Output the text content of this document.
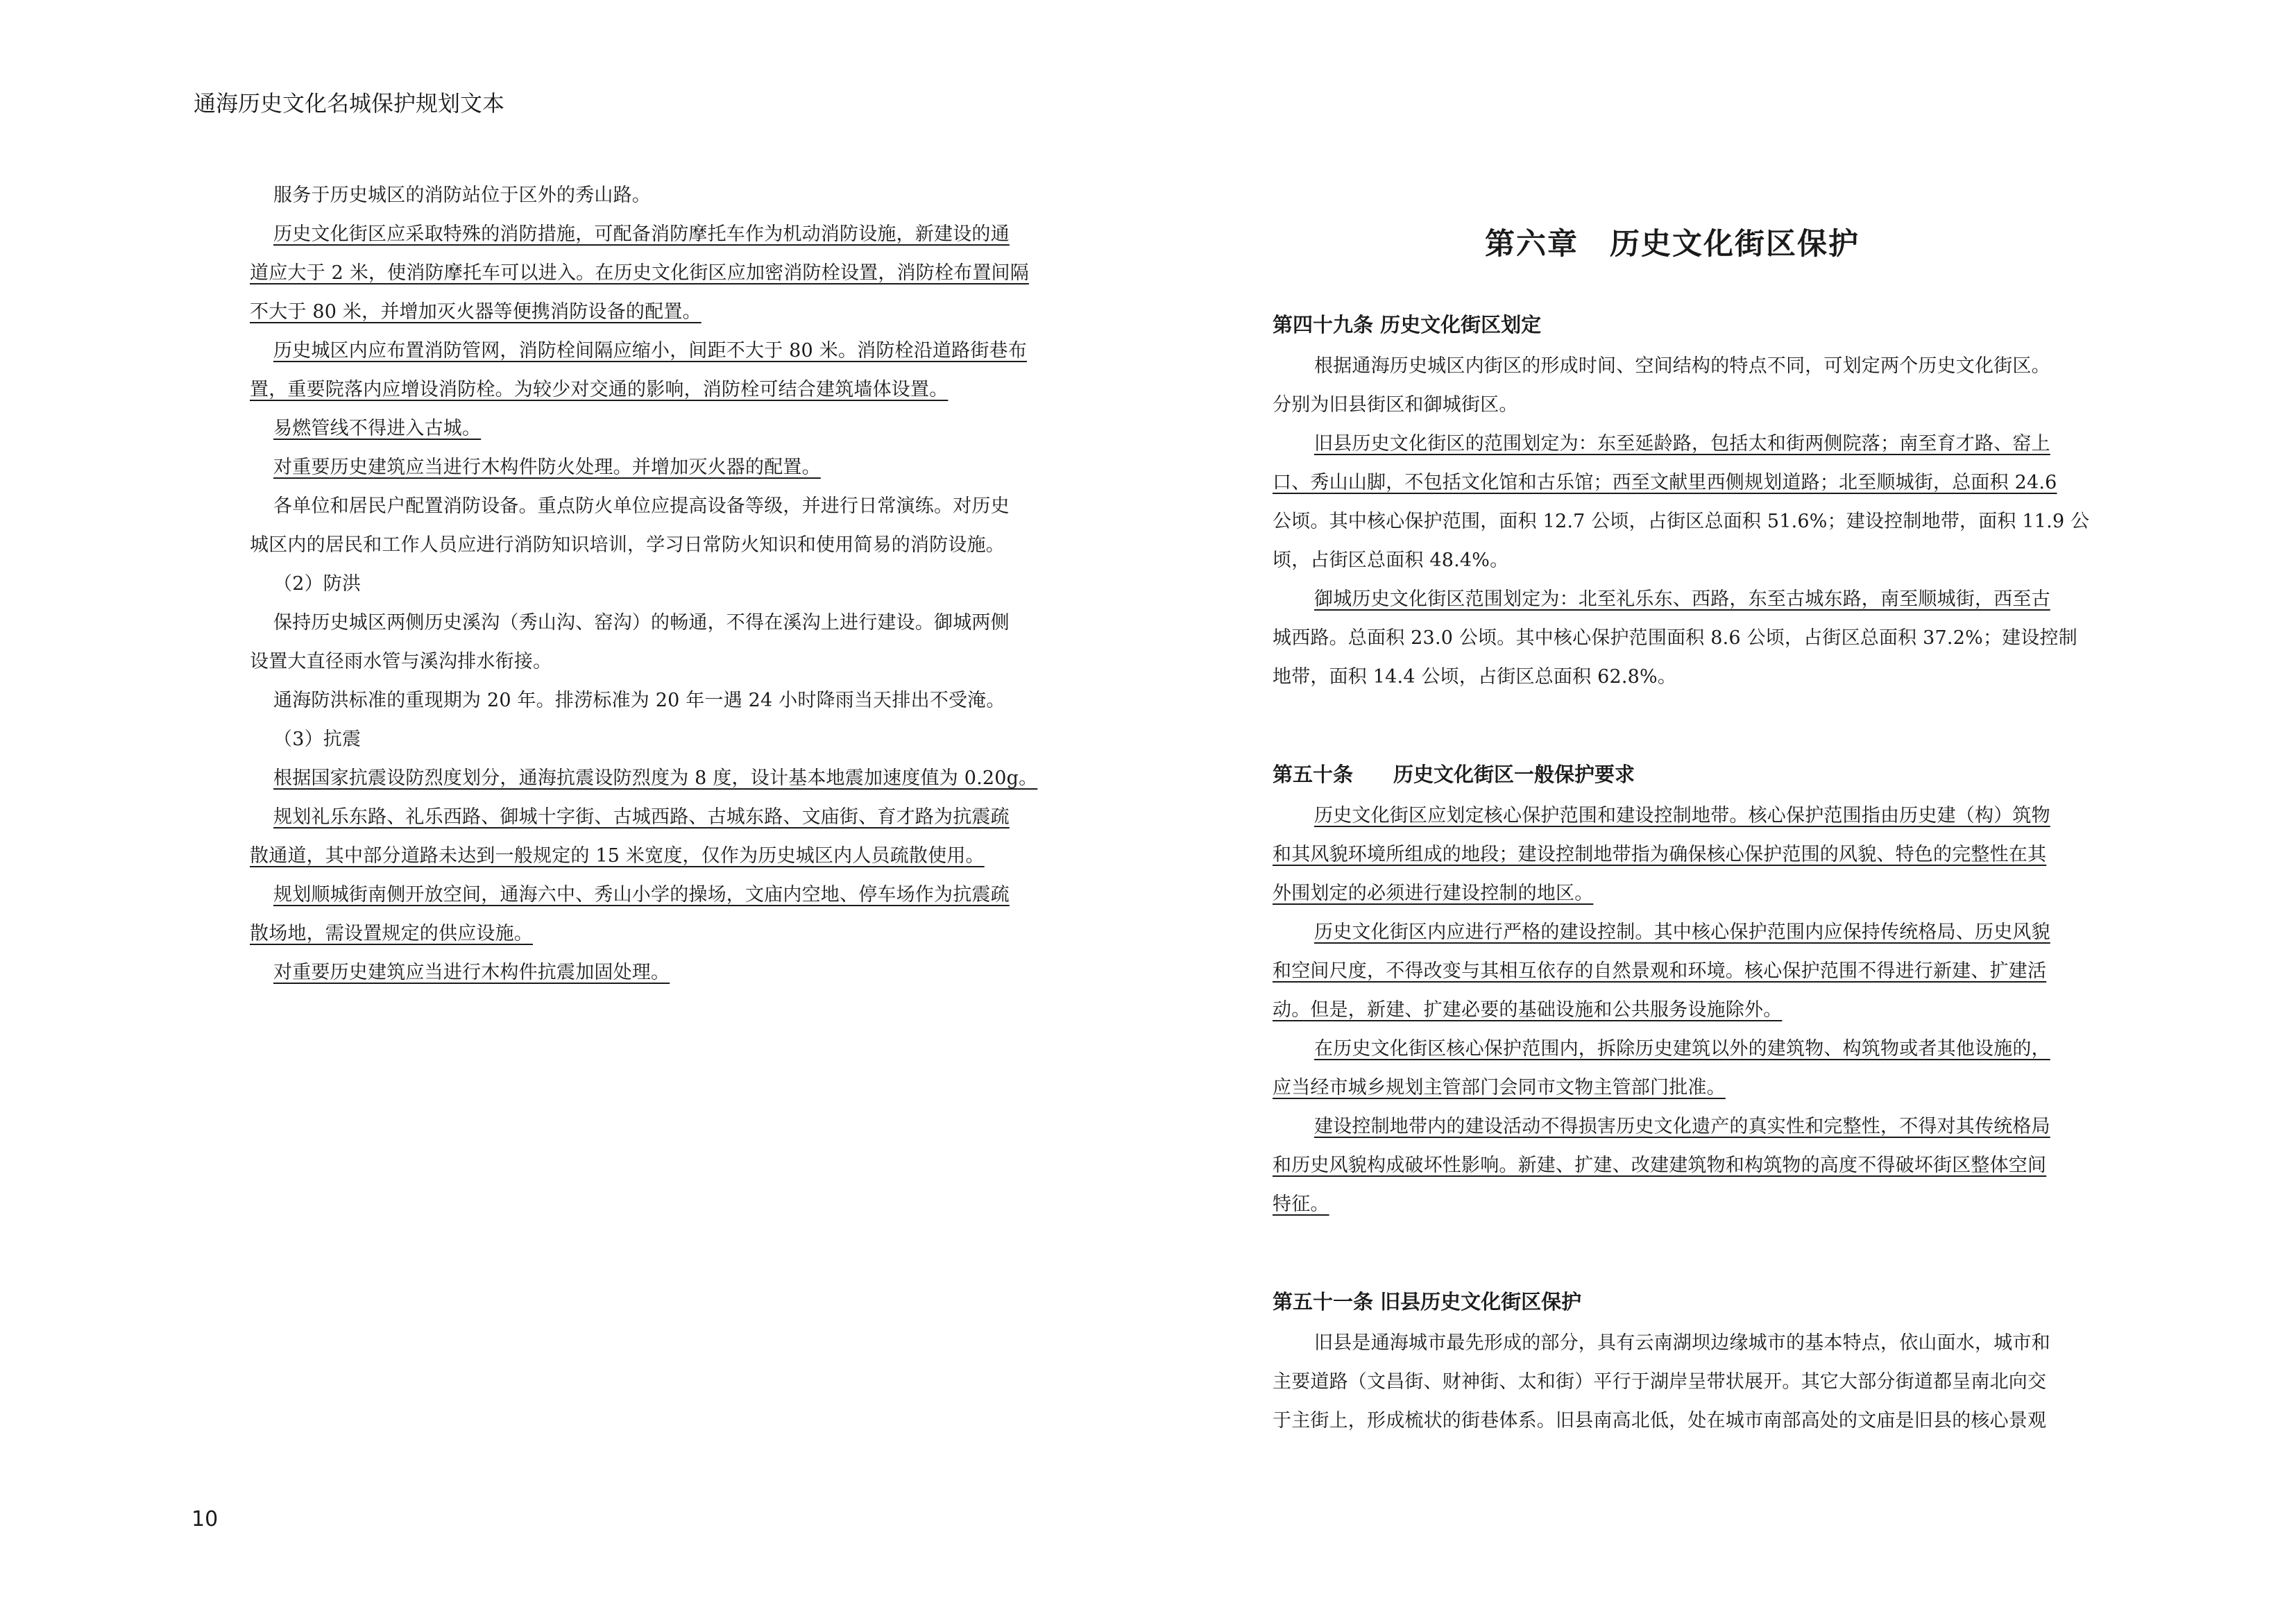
通海历史文化名城保护规划文本
服务于历史城区的消防站位于区外的秀山路。
历史文化街区应采取特殊的消防措施，可配备消防摩托车作为机动消防设施，新建设的通
道应大于 2 米，使消防摩托车可以进入。在历史文化街区应加密消防栓设置，消防栓布置间隔
不大于 80 米，并增加灭火器等便携消防设备的配置。
历史城区内应布置消防管网，消防栓间隔应缩小，间距不大于 80 米。消防栓沿道路街巷布
置，重要院落内应增设消防栓。为较少对交通的影响，消防栓可结合建筑墙体设置。
易燃管线不得进入古城。
对重要历史建筑应当进行木构件防火处理。并增加灭火器的配置。
各单位和居民户配置消防设备。重点防火单位应提高设备等级，并进行日常演练。对历史
城区内的居民和工作人员应进行消防知识培训，学习日常防火知识和使用简易的消防设施。
（2）防洪
保持历史城区两侧历史溪沟（秀山沟、窑沟）的畅通，不得在溪沟上进行建设。御城两侧
设置大直径雨水管与溪沟排水衔接。
通海防洪标准的重现期为 20 年。排涝标准为 20 年一遇 24 小时降雨当天排出不受淹。
（3）抗震
根据国家抗震设防烈度划分，通海抗震设防烈度为 8 度，设计基本地震加速度值为 0.20g。
规划礼乐东路、礼乐西路、御城十字街、古城西路、古城东路、文庙街、育才路为抗震疏
散通道，其中部分道路未达到一般规定的 15 米宽度，仅作为历史城区内人员疏散使用。
规划顺城街南侧开放空间，通海六中、秀山小学的操场，文庙内空地、停车场作为抗震疏
散场地，需设置规定的供应设施。
对重要历史建筑应当进行木构件抗震加固处理。
第六章　历史文化街区保护
第四十九条 历史文化街区划定
根据通海历史城区内街区的形成时间、空间结构的特点不同，可划定两个历史文化街区。
分别为旧县街区和御城街区。
旧县历史文化街区的范围划定为：东至延龄路，包括太和街两侧院落；南至育才路、窑上
口、秀山山脚，不包括文化馆和古乐馆；西至文献里西侧规划道路；北至顺城街，总面积 24.6
公顷。其中核心保护范围，面积 12.7 公顷，占街区总面积 51.6%；建设控制地带，面积 11.9 公
顷，占街区总面积 48.4%。
御城历史文化街区范围划定为：北至礼乐东、西路，东至古城东路，南至顺城街，西至古
城西路。总面积 23.0 公顷。其中核心保护范围面积 8.6 公顷，占街区总面积 37.2%；建设控制
地带，面积 14.4 公顷，占街区总面积 62.8%。
第五十条　　历史文化街区一般保护要求
历史文化街区应划定核心保护范围和建设控制地带。核心保护范围指由历史建（构）筑物
和其风貌环境所组成的地段；建设控制地带指为确保核心保护范围的风貌、特色的完整性在其
外围划定的必须进行建设控制的地区。
历史文化街区内应进行严格的建设控制。其中核心保护范围内应保持传统格局、历史风貌
和空间尺度，不得改变与其相互依存的自然景观和环境。核心保护范围不得进行新建、扩建活
动。但是，新建、扩建必要的基础设施和公共服务设施除外。
在历史文化街区核心保护范围内，拆除历史建筑以外的建筑物、构筑物或者其他设施的，
应当经市城乡规划主管部门会同市文物主管部门批准。
建设控制地带内的建设活动不得损害历史文化遗产的真实性和完整性，不得对其传统格局
和历史风貌构成破坏性影响。新建、扩建、改建建筑物和构筑物的高度不得破坏街区整体空间
特征。
第五十一条 旧县历史文化街区保护
旧县是通海城市最先形成的部分，具有云南湖坝边缘城市的基本特点，依山面水，城市和
主要道路（文昌街、财神街、太和街）平行于湖岸呈带状展开。其它大部分街道都呈南北向交
于主街上，形成梳状的街巷体系。旧县南高北低，处在城市南部高处的文庙是旧县的核心景观
10
